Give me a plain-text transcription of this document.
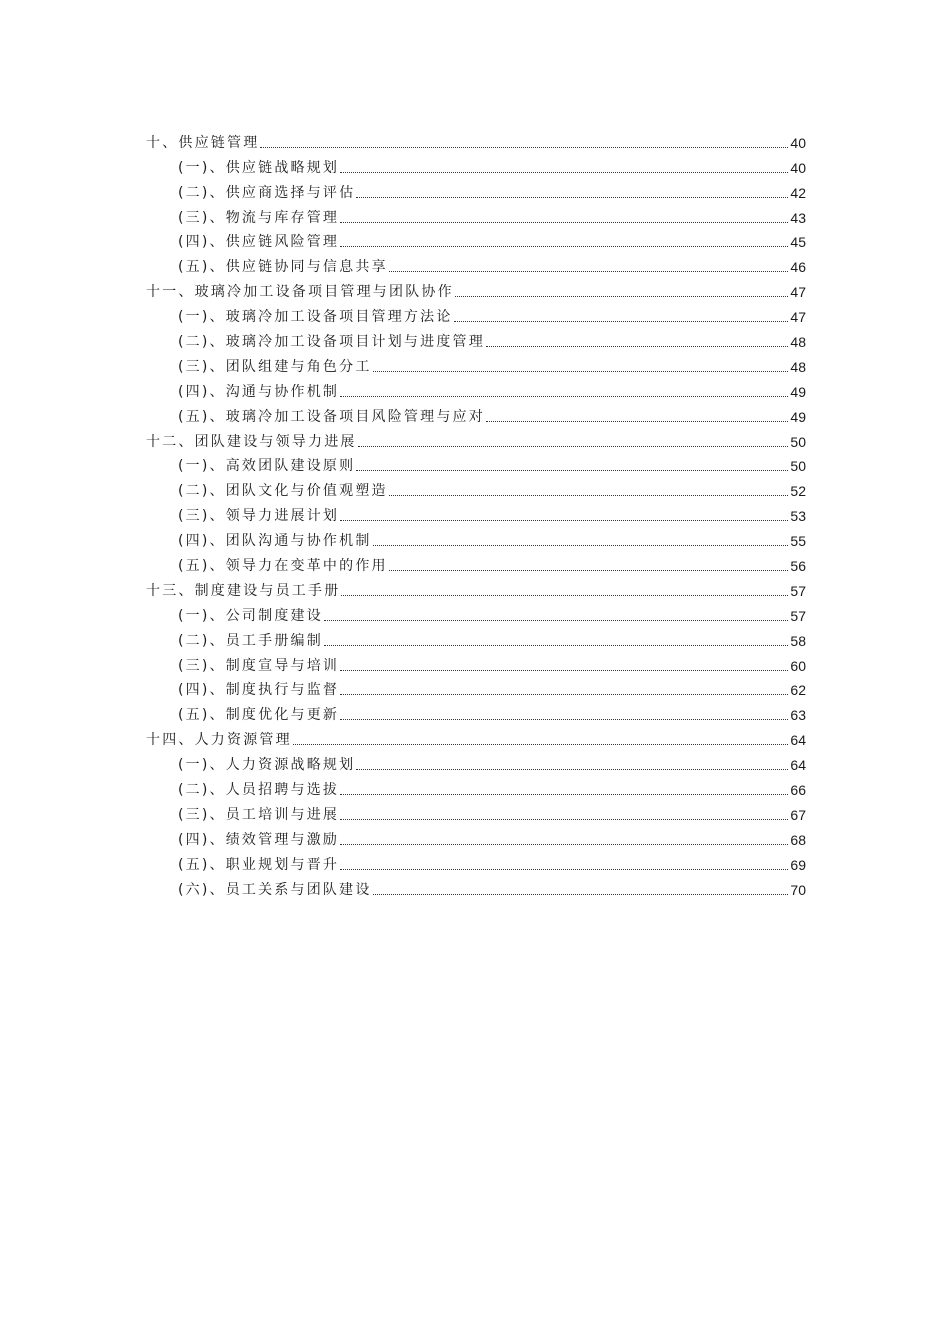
十、供应链管理	40
(一)、供应链战略规划	40
(二)、供应商选择与评估	42
(三)、物流与库存管理	43
(四)、供应链风险管理	45
(五)、供应链协同与信息共享	46
十一、玻璃冷加工设备项目管理与团队协作	47
(一)、玻璃冷加工设备项目管理方法论	47
(二)、玻璃冷加工设备项目计划与进度管理	48
(三)、团队组建与角色分工	48
(四)、沟通与协作机制	49
(五)、玻璃冷加工设备项目风险管理与应对	49
十二、团队建设与领导力进展	50
(一)、高效团队建设原则	50
(二)、团队文化与价值观塑造	52
(三)、领导力进展计划	53
(四)、团队沟通与协作机制	55
(五)、领导力在变革中的作用	56
十三、制度建设与员工手册	57
(一)、公司制度建设	57
(二)、员工手册编制	58
(三)、制度宣导与培训	60
(四)、制度执行与监督	62
(五)、制度优化与更新	63
十四、人力资源管理	64
(一)、人力资源战略规划	64
(二)、人员招聘与选拔	66
(三)、员工培训与进展	67
(四)、绩效管理与激励	68
(五)、职业规划与晋升	69
(六)、员工关系与团队建设	70
